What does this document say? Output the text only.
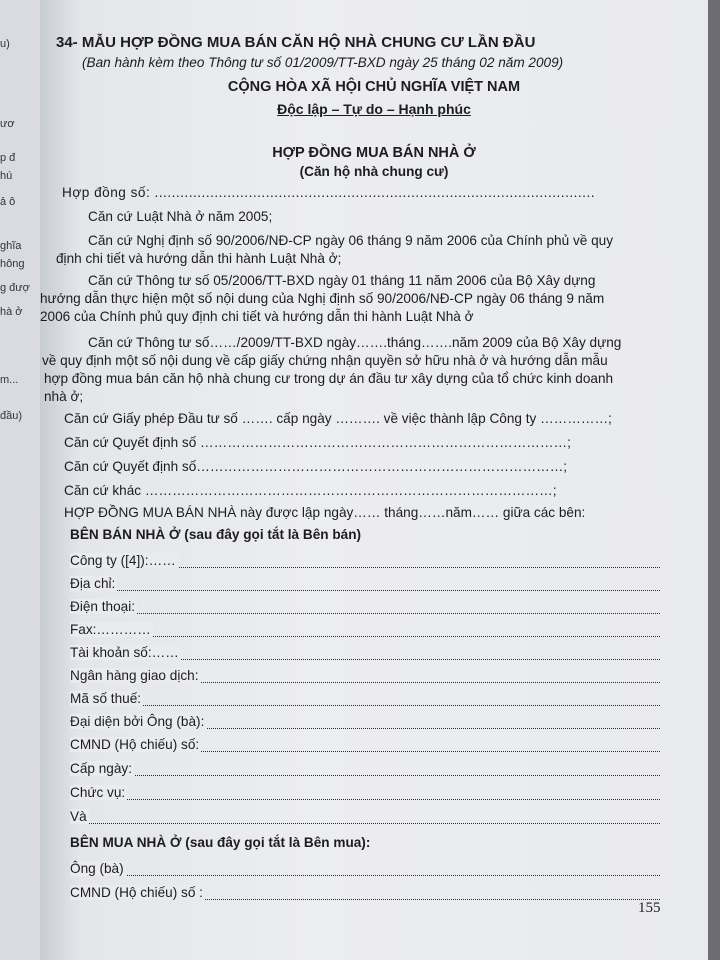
u)
ươ
p đ
hú
ả ô
ghĩa
hông
g đượ
hà ở
m...
đầu)
34- MẪU HỢP ĐỒNG MUA BÁN CĂN HỘ NHÀ CHUNG CƯ LẦN ĐẦU
(Ban hành kèm theo Thông tư số 01/2009/TT-BXD ngày 25 tháng 02 năm 2009)
CỘNG HÒA XÃ HỘI CHỦ NGHĨA VIỆT NAM
Độc lập – Tự do – Hạnh phúc
HỢP ĐỒNG MUA BÁN NHÀ Ở
(Căn hộ nhà chung cư)
Hợp đồng số: .......................................................................................................
Căn cứ Luật Nhà ở năm 2005;
Căn cứ Nghị định số 90/2006/NĐ-CP ngày 06 tháng 9 năm 2006 của Chính phủ về quy
định chi tiết và hướng dẫn thi hành Luật Nhà ở;
Căn cứ Thông tư số 05/2006/TT-BXD ngày 01 tháng 11 năm 2006 của Bộ Xây dựng
hướng dẫn thực hiện một số nội dung của Nghị định số 90/2006/NĐ-CP ngày 06 tháng 9 năm
2006 của Chính phủ quy định chi tiết và hướng dẫn thi hành Luật Nhà ở
Căn cứ Thông tư số……/2009/TT-BXD ngày…….tháng…….năm 2009 của Bộ Xây dựng
về quy định một số nội dung về cấp giấy chứng nhận quyền sở hữu nhà ở và hướng dẫn mẫu
hợp đồng mua bán căn hộ nhà chung cư trong dự án đầu tư xây dựng của tổ chức kinh doanh
nhà ở;
Căn cứ Giấy phép Đầu tư số ……. cấp ngày ………. về việc thành lập Công ty ……………;
Căn cứ Quyết định số ………………………………………………………………………;
Căn cứ Quyết định số………………………………………………………………………;
Căn cứ khác ………………………………………………………………………………;
HỢP ĐỒNG MUA BÁN NHÀ này được lập ngày…… tháng……năm…… giữa các bên:
BÊN BÁN NHÀ Ở (sau đây gọi tắt là Bên bán)
Công ty ([4]):……
Địa chỉ:
Điện thoại:
Fax:…………
Tài khoản số:……
Ngân hàng giao dịch:
Mã số thuế:
Đại diện bởi Ông (bà):
CMND (Hộ chiếu) số:
Cấp ngày:
Chức vụ:
Và
BÊN MUA NHÀ Ở (sau đây gọi tắt là Bên mua):
Ông (bà)
CMND (Hộ chiếu) số :
155
